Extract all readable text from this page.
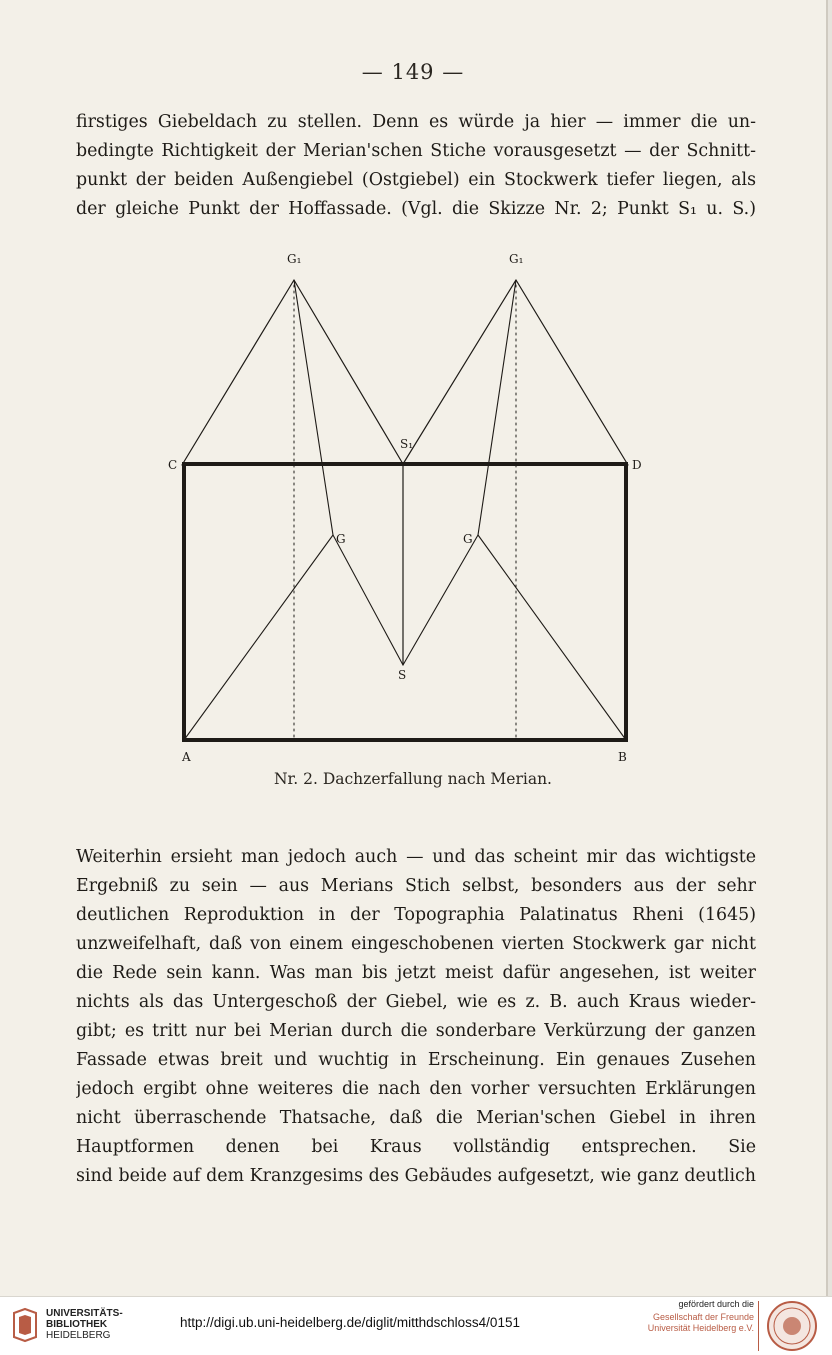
— 149 —
firstiges Giebeldach zu stellen. Denn es würde ja hier — immer die un-
bedingte Richtigkeit der Merian'schen Stiche vorausgesetzt — der Schnitt-
punkt der beiden Außengiebel (Ostgiebel) ein Stockwerk tiefer liegen, als
der gleiche Punkt der Hoffassade. (Vgl. die Skizze Nr. 2; Punkt S₁ u. S.)
G₁	G₁
S₁
C	D
G	G
S
A	B
Nr. 2. Dachzerfallung nach Merian.
Weiterhin ersieht man jedoch auch — und das scheint mir das wichtigste
Ergebniß zu sein — aus Merians Stich selbst, besonders aus der sehr
deutlichen Reproduktion in der Topographia Palatinatus Rheni (1645)
unzweifelhaft, daß von einem eingeschobenen vierten Stockwerk gar nicht
die Rede sein kann. Was man bis jetzt meist dafür angesehen, ist weiter
nichts als das Untergeschoß der Giebel, wie es z. B. auch Kraus wieder-
gibt; es tritt nur bei Merian durch die sonderbare Verkürzung der ganzen
Fassade etwas breit und wuchtig in Erscheinung. Ein genaues Zusehen
jedoch ergibt ohne weiteres die nach den vorher versuchten Erklärungen
nicht überraschende Thatsache, daß die Merian'schen Giebel in ihren
Hauptformen denen bei Kraus vollständig entsprechen. Sie
sind beide auf dem Kranzgesims des Gebäudes aufgesetzt, wie ganz deutlich
UNIVERSITÄTS-
BIBLIOTHEK
HEIDELBERG
http://digi.ub.uni-heidelberg.de/diglit/mitthdschloss4/0151
gefördert durch die
Gesellschaft der Freunde
Universität Heidelberg e.V.
